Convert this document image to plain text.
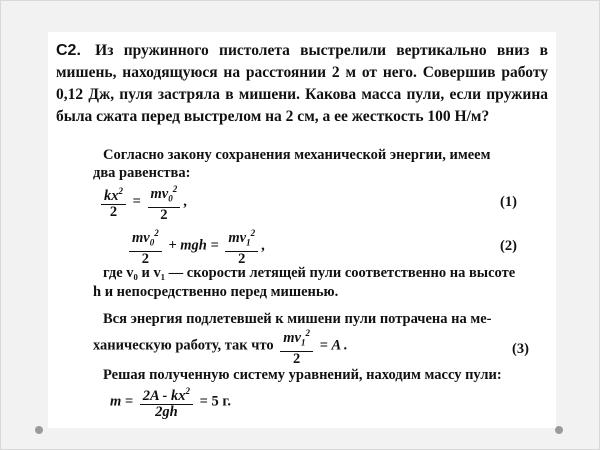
С2. Из пружинного пистолета выстрелили вертикально вниз в мишень, находящуюся на расстоянии 2 м от него. Совершив работу 0,12 Дж, пуля застряла в мишени. Какова масса пули, если пружина была сжата перед выстрелом на 2 см, а ее жесткость 100 Н/м?
Согласно закону сохранения механической энергии, имеем
два равенства:
$\frac{kx^2}{2} = \frac{mv_0^2}{2}$ ,	(1)
$\frac{mv_0^2}{2}$ + mgh = $\frac{mv_1^2}{2}$ ,	(2)
где v₀ и v₁ — скорости летящей пули соответственно на высоте
h и непосредственно перед мишенью.
Вся энергия подлетевшей к мишени пули потрачена на ме-
ханическую работу, так что $\frac{mv_1^2}{2} = A$ .	(3)
Решая полученную систему уравнений, находим массу пули:
$m = \frac{2A - kx^2}{2gh} = 5$ г.
